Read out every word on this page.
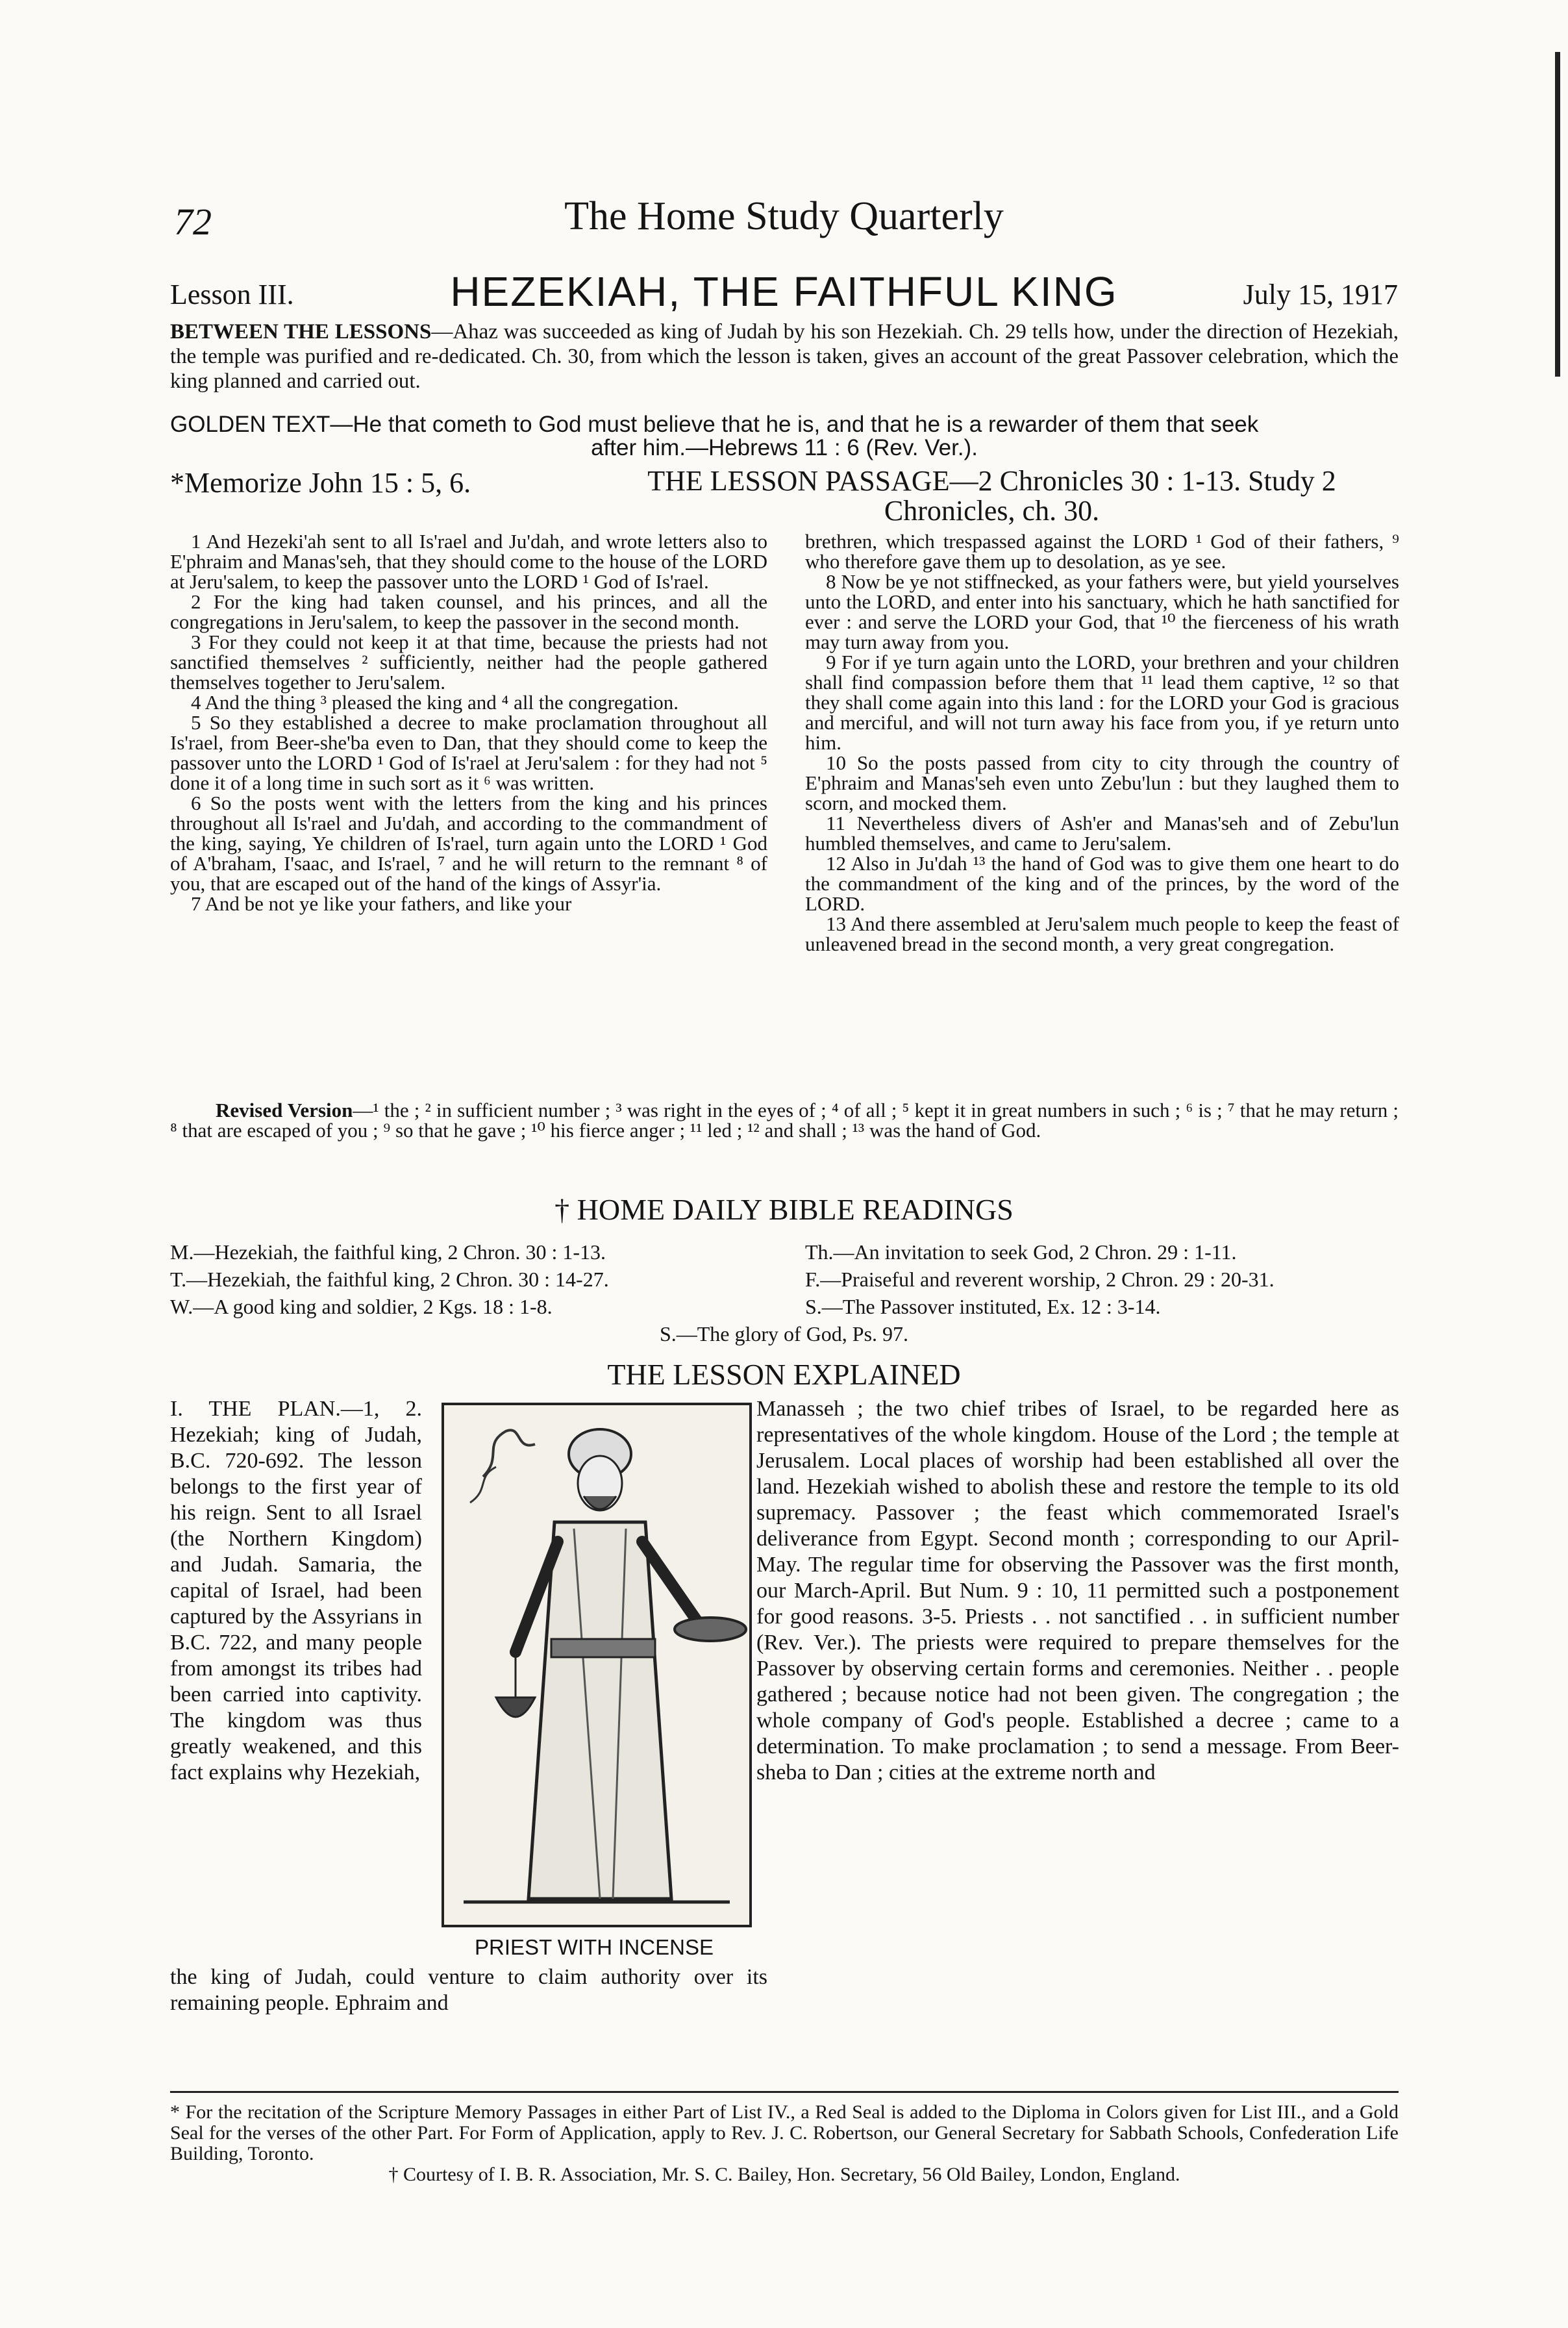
72	The Home Study Quarterly
Lesson III.	HEZEKIAH, THE FAITHFUL KING	July 15, 1917
BETWEEN THE LESSONS—Ahaz was succeeded as king of Judah by his son Hezekiah. Ch. 29 tells how, under the direction of Hezekiah, the temple was purified and re-dedicated. Ch. 30, from which the lesson is taken, gives an account of the great Passover celebration, which the king planned and carried out.
GOLDEN TEXT—He that cometh to God must believe that he is, and that he is a rewarder of them that seek
after him.—Hebrews 11 : 6 (Rev. Ver.).
*Memorize John 15 : 5, 6.	THE LESSON PASSAGE—2 Chronicles 30 : 1-13. Study 2 Chronicles, ch. 30.

1 And Hezeki'ah sent to all Is'rael and Ju'dah, and wrote letters also to E'phraim and Manas'seh, that they should come to the house of the LORD at Jeru'salem, to keep the passover unto the LORD ¹ God of Is'rael.

2 For the king had taken counsel, and his princes, and all the congregations in Jeru'salem, to keep the passover in the second month.

3 For they could not keep it at that time, because the priests had not sanctified themselves ² sufficiently, neither had the people gathered themselves together to Jeru'salem.

4 And the thing ³ pleased the king and ⁴ all the congregation.

5 So they established a decree to make proclamation throughout all Is'rael, from Beer-she'ba even to Dan, that they should come to keep the passover unto the LORD ¹ God of Is'rael at Jeru'salem : for they had not ⁵ done it of a long time in such sort as it ⁶ was written.

6 So the posts went with the letters from the king and his princes throughout all Is'rael and Ju'dah, and according to the commandment of the king, saying, Ye children of Is'rael, turn again unto the LORD ¹ God of A'braham, I'saac, and Is'rael, ⁷ and he will return to the remnant ⁸ of you, that are escaped out of the hand of the kings of Assyr'ia.

7 And be not ye like your fathers, and like your

brethren, which trespassed against the LORD ¹ God of their fathers, ⁹ who therefore gave them up to desolation, as ye see.

8 Now be ye not stiffnecked, as your fathers were, but yield yourselves unto the LORD, and enter into his sanctuary, which he hath sanctified for ever : and serve the LORD your God, that ¹⁰ the fierceness of his wrath may turn away from you.

9 For if ye turn again unto the LORD, your brethren and your children shall find compassion before them that ¹¹ lead them captive, ¹² so that they shall come again into this land : for the LORD your God is gracious and merciful, and will not turn away his face from you, if ye return unto him.

10 So the posts passed from city to city through the country of E'phraim and Manas'seh even unto Zebu'lun : but they laughed them to scorn, and mocked them.

11 Nevertheless divers of Ash'er and Manas'seh and of Zebu'lun humbled themselves, and came to Jeru'salem.

12 Also in Ju'dah ¹³ the hand of God was to give them one heart to do the commandment of the king and of the princes, by the word of the LORD.

13 And there assembled at Jeru'salem much people to keep the feast of unleavened bread in the second month, a very great congregation.

Revised Version—¹ the ; ² in sufficient number ; ³ was right in the eyes of ; ⁴ of all ; ⁵ kept it in great numbers in such ; ⁶ is ; ⁷ that he may return ; ⁸ that are escaped of you ; ⁹ so that he gave ; ¹⁰ his fierce anger ; ¹¹ led ; ¹² and shall ; ¹³ was the hand of God.
† HOME DAILY BIBLE READINGS
M.—Hezekiah, the faithful king, 2 Chron. 30 : 1-13.	Th.—An invitation to seek God, 2 Chron. 29 : 1-11.
T.—Hezekiah, the faithful king, 2 Chron. 30 : 14-27.	F.—Praiseful and reverent worship, 2 Chron. 29 : 20-31.
W.—A good king and soldier, 2 Kgs. 18 : 1-8.	S.—The Passover instituted, Ex. 12 : 3-14.
S.—The glory of God, Ps. 97.
THE LESSON EXPLAINED
I. THE PLAN.—1, 2. Hezekiah; king of Judah, B.C. 720-692. The lesson belongs to the first year of his reign. Sent to all Israel (the Northern Kingdom) and Judah. Samaria, the capital of Israel, had been captured by the Assyrians in B.C. 722, and many people from amongst its tribes had been carried into captivity. The kingdom was thus greatly weakened, and this fact explains why Hezekiah,
PRIEST WITH INCENSE
the king of Judah, could venture to claim authority over its remaining people. Ephraim and
Manasseh ; the two chief tribes of Israel, to be regarded here as representatives of the whole kingdom. House of the Lord ; the temple at Jerusalem. Local places of worship had been established all over the land. Hezekiah wished to abolish these and restore the temple to its old supremacy. Passover ; the feast which commemorated Israel's deliverance from Egypt. Second month ; corresponding to our April-May. The regular time for observing the Passover was the first month, our March-April. But Num. 9 : 10, 11 permitted such a postponement for good reasons. 3-5. Priests . . not sanctified . . in sufficient number (Rev. Ver.). The priests were required to prepare themselves for the Passover by observing certain forms and ceremonies. Neither . . people gathered ; because notice had not been given. The congregation ; the whole company of God's people. Established a decree ; came to a determination. To make proclamation ; to send a message. From Beer-sheba to Dan ; cities at the extreme north and

* For the recitation of the Scripture Memory Passages in either Part of List IV., a Red Seal is added to the Diploma in Colors given for List III., and a Gold Seal for the verses of the other Part. For Form of Application, apply to Rev. J. C. Robertson, our General Secretary for Sabbath Schools, Confederation Life Building, Toronto.

† Courtesy of I. B. R. Association, Mr. S. C. Bailey, Hon. Secretary, 56 Old Bailey, London, England.
